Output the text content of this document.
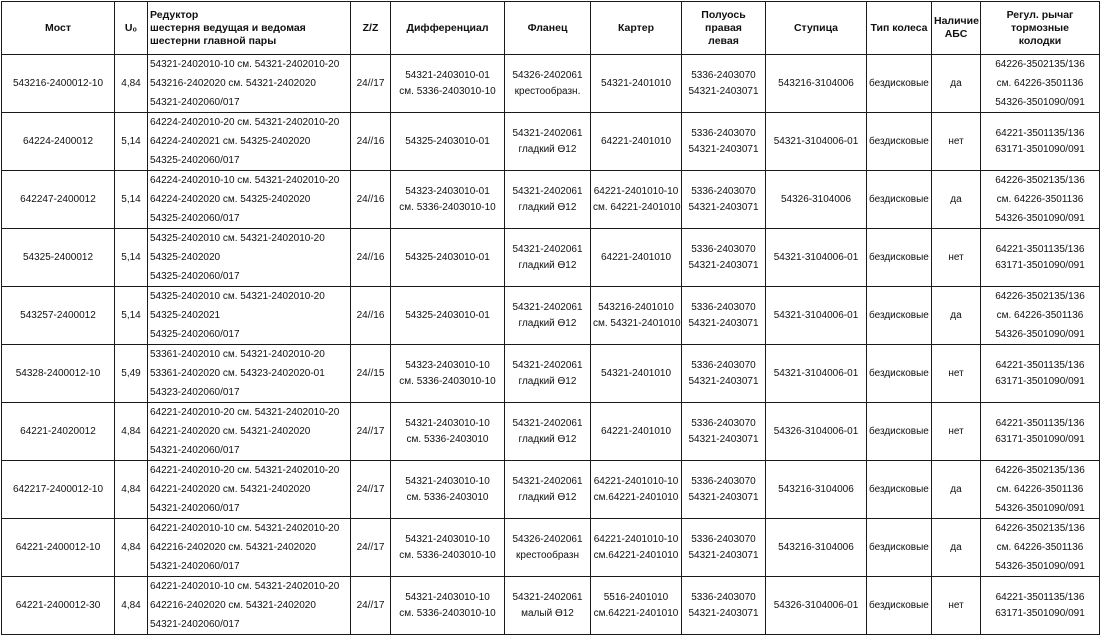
Мост	U₀	Редуктор
шестерня ведущая и ведомая
шестерни главной пары	Z/Z	Дифференциал	Фланец	Картер	Полуось
правая
левая	Ступица	Тип колеса	Наличие
АБС	Регул. рычаг
тормозные
колодки

543216-2400012-10	4,84	54321-2402010-10 см. 54321-2402010-20
543216-2402020 см. 54321-2402020
54321-2402060/017	24//17	54321-2403010-01
см. 5336-2403010-10	54326-2402061
крестообразн.	54321-2401010	5336-2403070
54321-2403071	543216-3104006	бездисковые	да	64226-3502135/136
см. 64226-3501136
54326-3501090/091

64224-2400012	5,14	64224-2402010-20 см. 54321-2402010-20
64224-2402021 см. 54325-2402020
54325-2402060/017	24//16	54325-2403010-01	54321-2402061
гладкий Ө12	64221-2401010	5336-2403070
54321-2403071	54321-3104006-01	бездисковые	нет	64221-3501135/136
63171-3501090/091

642247-2400012	5,14	64224-2402010-10 см. 54321-2402010-20
64224-2402020 см. 54325-2402020
54325-2402060/017	24//16	54323-2403010-01
см. 5336-2403010-10	54321-2402061
гладкий Ө12	64221-2401010-10
см. 64221-2401010	5336-2403070
54321-2403071	54326-3104006	бездисковые	да	64226-3502135/136
см. 64226-3501136
54326-3501090/091

54325-2400012	5,14	54325-2402010 см. 54321-2402010-20
54325-2402020
54325-2402060/017	24//16	54325-2403010-01	54321-2402061
гладкий Ө12	64221-2401010	5336-2403070
54321-2403071	54321-3104006-01	бездисковые	нет	64221-3501135/136
63171-3501090/091

543257-2400012	5,14	54325-2402010 см. 54321-2402010-20
54325-2402021
54325-2402060/017	24//16	54325-2403010-01	54321-2402061
гладкий Ө12	543216-2401010
см. 54321-2401010	5336-2403070
54321-2403071	54321-3104006-01	бездисковые	да	64226-3502135/136
см. 64226-3501136
54326-3501090/091

54328-2400012-10	5,49	53361-2402010 см. 54321-2402010-20
53361-2402020 см. 54323-2402020-01
54323-2402060/017	24//15	54323-2403010-10
см. 5336-2403010-10	54321-2402061
гладкий Ө12	54321-2401010	5336-2403070
54321-2403071	54321-3104006-01	бездисковые	нет	64221-3501135/136
63171-3501090/091

64221-24020012	4,84	64221-2402010-20 см. 54321-2402010-20
64221-2402020 см. 54321-2402020
54321-2402060/017	24//17	54321-2403010-10
см. 5336-2403010	54321-2402061
гладкий Ө12	64221-2401010	5336-2403070
54321-2403071	54326-3104006-01	бездисковые	нет	64221-3501135/136
63171-3501090/091

642217-2400012-10	4,84	64221-2402010-20 см. 54321-2402010-20
64221-2402020 см. 54321-2402020
54321-2402060/017	24//17	54321-2403010-10
см. 5336-2403010	54321-2402061
гладкий Ө12	64221-2401010-10
см.64221-2401010	5336-2403070
54321-2403071	543216-3104006	бездисковые	да	64226-3502135/136
см. 64226-3501136
54326-3501090/091

64221-2400012-10	4,84	64221-2402010-10 см. 54321-2402010-20
642216-2402020 см. 54321-2402020
54321-2402060/017	24//17	54321-2403010-10
см. 5336-2403010-10	54326-2402061
крестообразн	64221-2401010-10
см.64221-2401010	5336-2403070
54321-2403071	543216-3104006	бездисковые	да	64226-3502135/136
см. 64226-3501136
54326-3501090/091

64221-2400012-30	4,84	64221-2402010-10 см. 54321-2402010-20
642216-2402020 см. 54321-2402020
54321-2402060/017	24//17	54321-2403010-10
см. 5336-2403010-10	54321-2402061
малый Ө12	5516-2401010
см.64221-2401010	5336-2403070
54321-2403071	54326-3104006-01	бездисковые	нет	64221-3501135/136
63171-3501090/091
